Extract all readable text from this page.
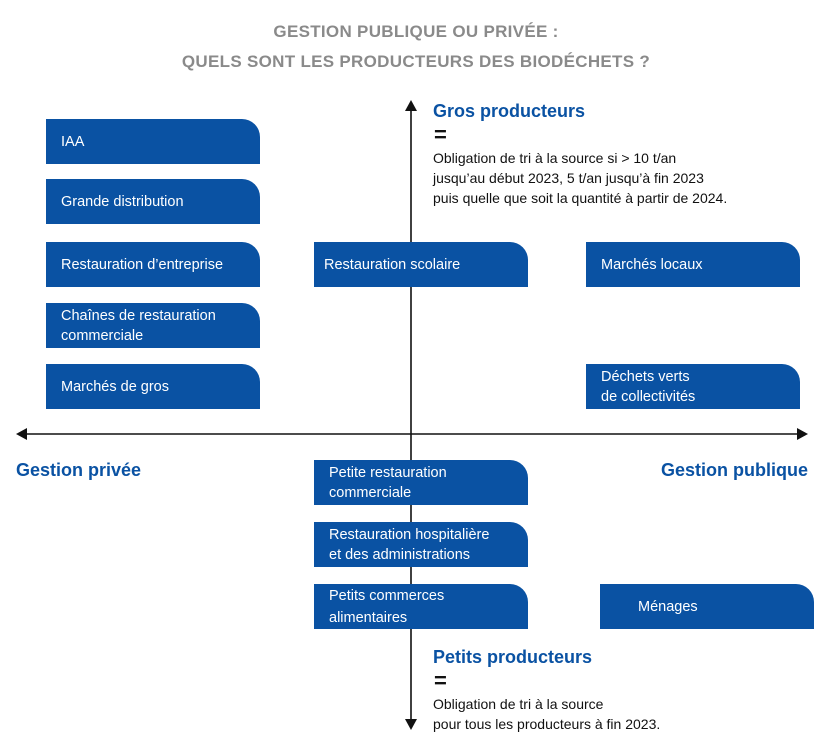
GESTION PUBLIQUE OU PRIVÉE :
QUELS SONT LES PRODUCTEURS DES BIODÉCHETS ?
Gros producteurs
=
Obligation de tri à la source si > 10 t/an
jusqu’au début 2023, 5 t/an jusqu’à fin 2023
puis quelle que soit la quantité à partir de 2024.
Gestion privée	Gestion publique
Petits producteurs
=
Obligation de tri à la source
pour tous les producteurs à fin 2023.
IAA
Grande distribution
Restauration d’entreprise
Chaînes de restauration
commerciale
Marchés de gros
Restauration scolaire
Petite restauration
commerciale
Restauration hospitalière
et des administrations
Petits commerces
alimentaires
Marchés locaux
Déchets verts
de collectivités
Ménages
